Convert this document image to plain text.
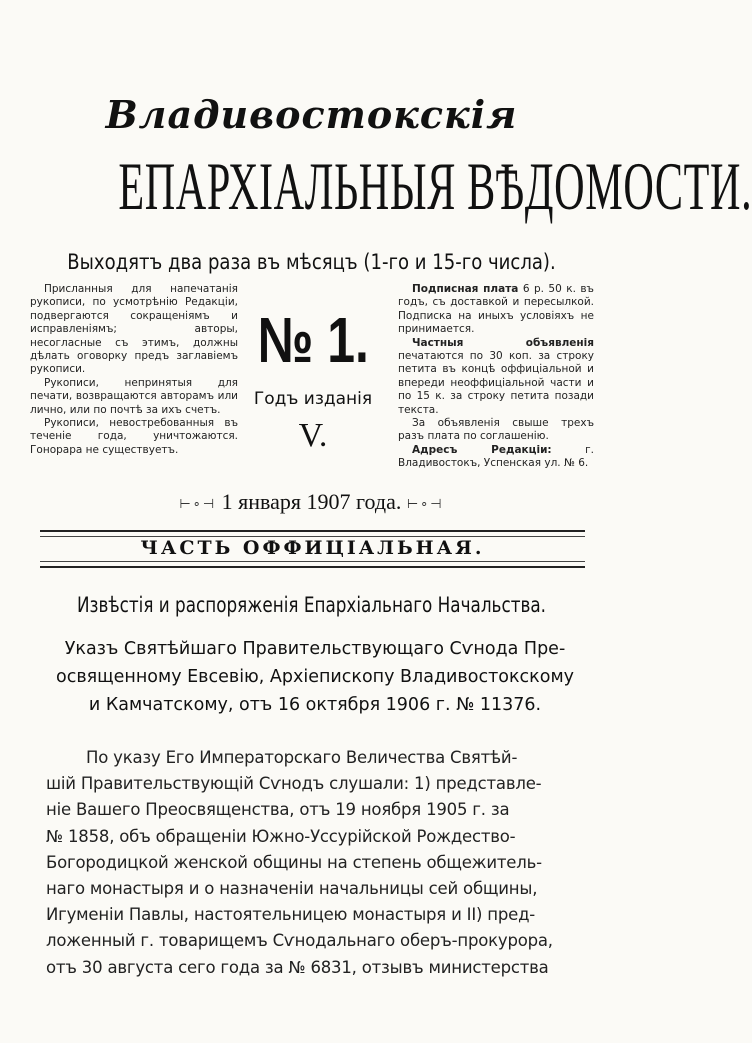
Владивостокскія
ЕПАРХІАЛЬНЫЯ ВѢДОМОСТИ.
Выходятъ два раза въ мѣсяцъ (1-го и 15-го числа).

Присланныя для напечатанія рукописи, по усмотрѣнію Редакціи, подвергаются сокращеніямъ и исправленіямъ; авторы, несогласные съ этимъ, должны дѣлать оговорку предъ заглавіемъ рукописи.

Рукописи, непринятыя для печати, возвращаются авторамъ или лично, или по почтѣ за ихъ счетъ.

Рукописи, невостребованныя въ теченіе года, уничтожаются. Гонорара не существуетъ.

№ 1.
Годъ изданія
V.

Подписная плата 6 р. 50 к. въ годъ, съ доставкой и пересылкой. Подписка на иныхъ условіяхъ не принимается.

Частныя объявленія печатаются по 30 коп. за строку петита въ концѣ оффиціальной и впереди неоффиціальной части и по 15 к. за строку петита позади текста.

За объявленія свыше трехъ разъ плата по соглашенію.

Адресъ Редакціи: г. Владивостокъ, Успенская ул. № 6.

⊢∘⊣ 1 января 1907 года. ⊢∘⊣
ЧАСТЬ ОФФИЦІАЛЬНАЯ.
Извѣстія и распоряженія Епархіальнаго Начальства.
Указъ Святѣйшаго Правительствующаго Сѵнода Пре-
освященному Евсевію, Архіепископу Владивостокскому
и Камчатскому, отъ 16 октября 1906 г. № 11376.
По указу Его Императорскаго Величества Святѣй-
шій Правительствующій Сѵнодъ слушали: 1) представле-
ніе Вашего Преосвященства, отъ 19 ноября 1905 г. за
№ 1858, объ обращеніи Южно-Уссурійской Рождество-
Богородицкой женской общины на степень общежитель-
наго монастыря и о назначеніи начальницы сей общины,
Игуменіи Павлы, настоятельницею монастыря и II) пред-
ложенный г. товарищемъ Сѵнодальнаго оберъ-прокурора,
отъ 30 августа сего года за № 6831, отзывъ министерства
